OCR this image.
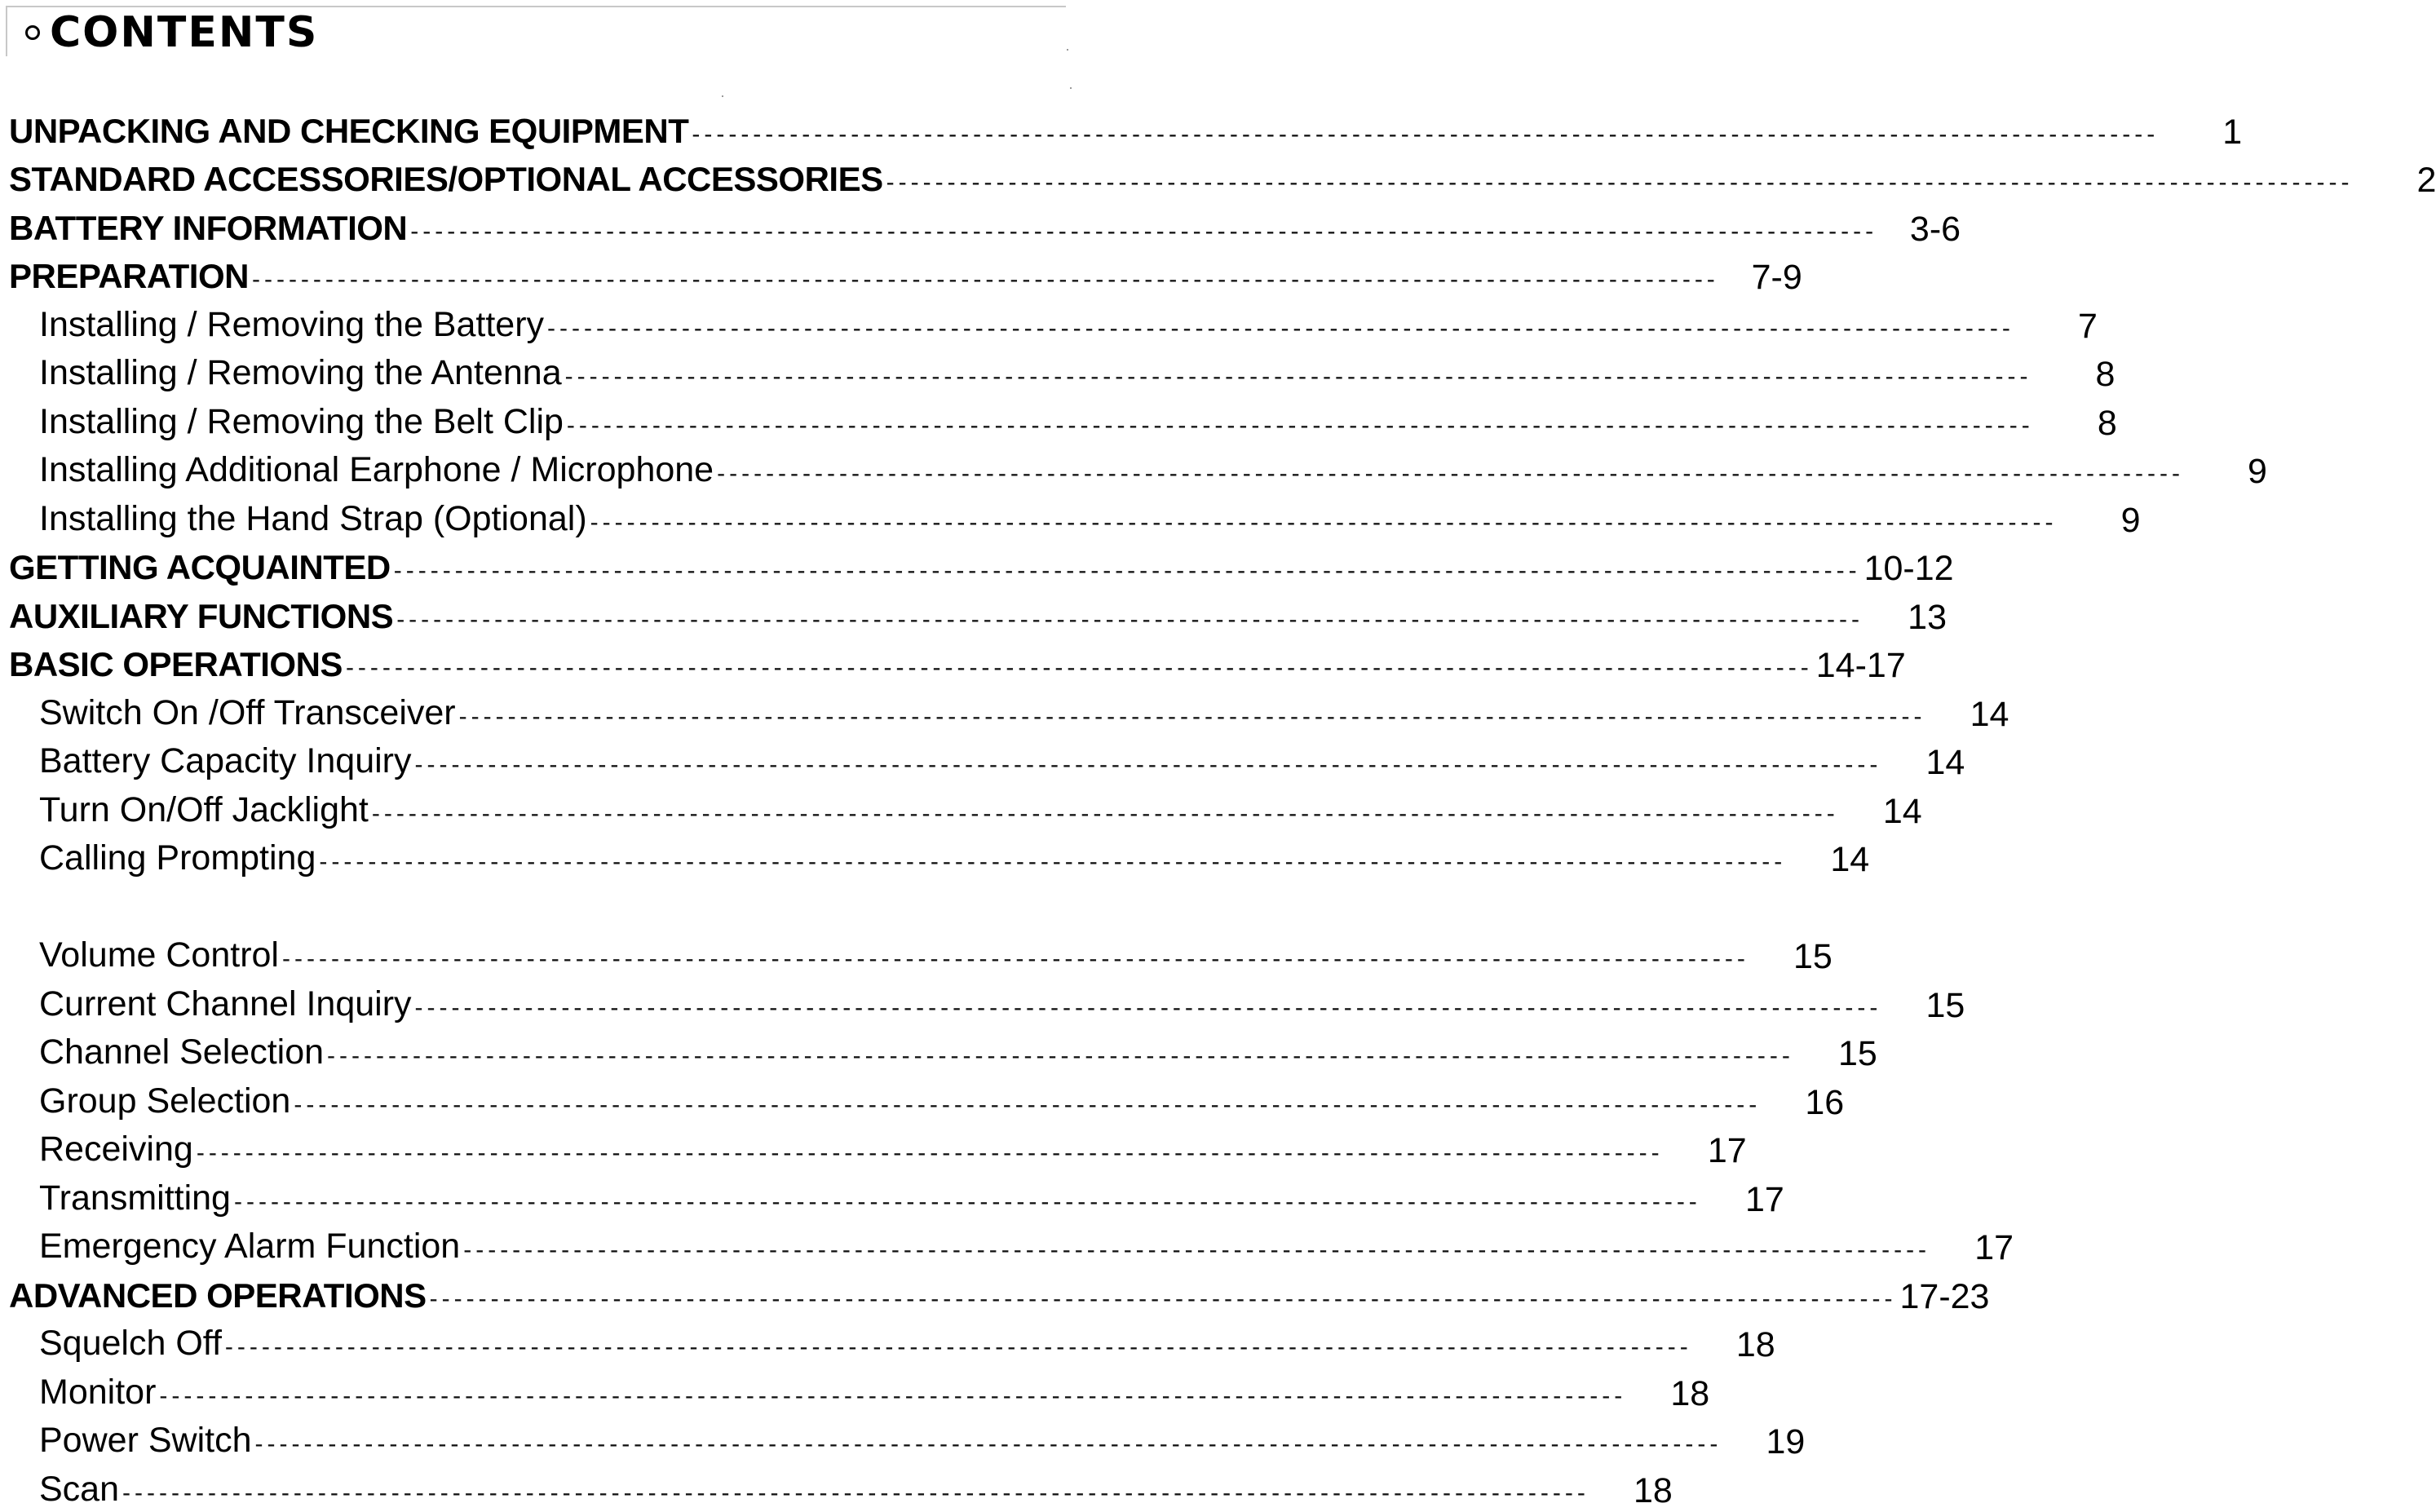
CONTENTS
UNPACKING AND CHECKING EQUIPMENT ------------------------------------------------------------------------------------------------------------------------	1
STANDARD ACCESSORIES/OPTIONAL ACCESSORIES ------------------------------------------------------------------------------------------------------------------------	2
BATTERY INFORMATION ------------------------------------------------------------------------------------------------------------------------ 3-6
PREPARATION ------------------------------------------------------------------------------------------------------------------------ 7-9
Installing / Removing the Battery ------------------------------------------------------------------------------------------------------------------------	7
Installing / Removing the Antenna ------------------------------------------------------------------------------------------------------------------------	8
Installing / Removing the Belt Clip ------------------------------------------------------------------------------------------------------------------------	8
Installing Additional Earphone / Microphone ------------------------------------------------------------------------------------------------------------------------	9
Installing the Hand Strap (Optional) ------------------------------------------------------------------------------------------------------------------------	9
GETTING ACQUAINTED ------------------------------------------------------------------------------------------------------------------------ 10-12
AUXILIARY FUNCTIONS ------------------------------------------------------------------------------------------------------------------------	13
BASIC OPERATIONS ------------------------------------------------------------------------------------------------------------------------ 14-17
Switch On /Off Transceiver ------------------------------------------------------------------------------------------------------------------------	14
Battery Capacity Inquiry ------------------------------------------------------------------------------------------------------------------------	14
Turn On/Off Jacklight ------------------------------------------------------------------------------------------------------------------------	14
Calling Prompting ------------------------------------------------------------------------------------------------------------------------	14
Volume Control ------------------------------------------------------------------------------------------------------------------------	15
Current Channel Inquiry ------------------------------------------------------------------------------------------------------------------------	15
Channel Selection ------------------------------------------------------------------------------------------------------------------------	15
Group Selection ------------------------------------------------------------------------------------------------------------------------	16
Receiving ------------------------------------------------------------------------------------------------------------------------	17
Transmitting ------------------------------------------------------------------------------------------------------------------------	17
Emergency Alarm Function ------------------------------------------------------------------------------------------------------------------------	17
ADVANCED OPERATIONS ------------------------------------------------------------------------------------------------------------------------ 17-23
Squelch Off ------------------------------------------------------------------------------------------------------------------------	18
Monitor ------------------------------------------------------------------------------------------------------------------------	18
Power Switch ------------------------------------------------------------------------------------------------------------------------	19
Scan ------------------------------------------------------------------------------------------------------------------------	18
